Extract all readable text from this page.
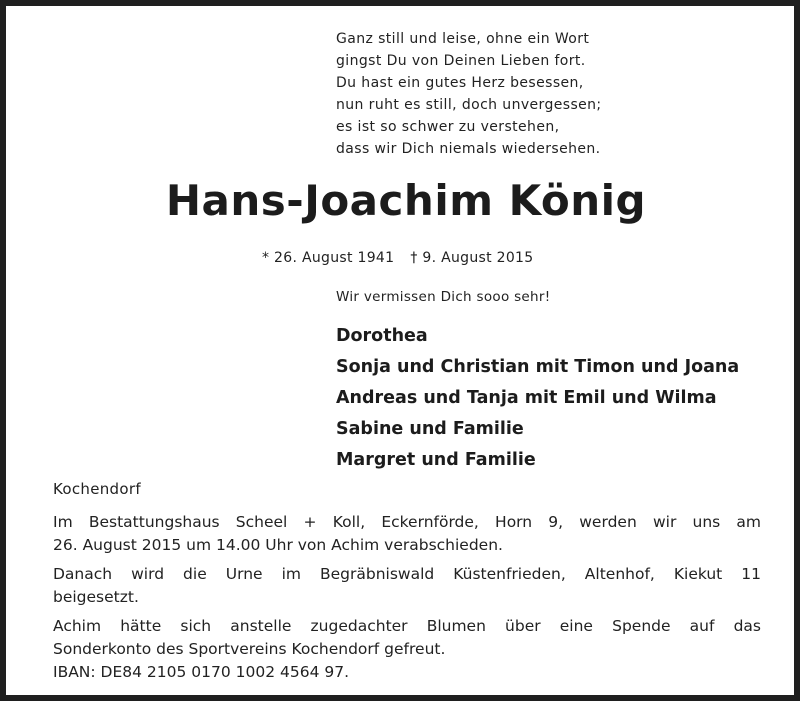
Ganz still und leise, ohne ein Wort
gingst Du von Deinen Lieben fort.
Du hast ein gutes Herz besessen,
nun ruht es still, doch unvergessen;
es ist so schwer zu verstehen,
dass wir Dich niemals wiedersehen.
Hans-Joachim König
* 26. August 1941 † 9. August 2015
Wir vermissen Dich sooo sehr!
Dorothea
Sonja und Christian mit Timon und Joana
Andreas und Tanja mit Emil und Wilma
Sabine und Familie
Margret und Familie
Kochendorf
Im Bestattungshaus Scheel + Koll, Eckernförde, Horn 9, werden wir uns am
26. August 2015 um 14.00 Uhr von Achim verabschieden.
Danach wird die Urne im Begräbniswald Küstenfrieden, Altenhof, Kiekut 11
beigesetzt.
Achim hätte sich anstelle zugedachter Blumen über eine Spende auf das
Sonderkonto des Sportvereins Kochendorf gefreut.
IBAN: DE84 2105 0170 1002 4564 97.
